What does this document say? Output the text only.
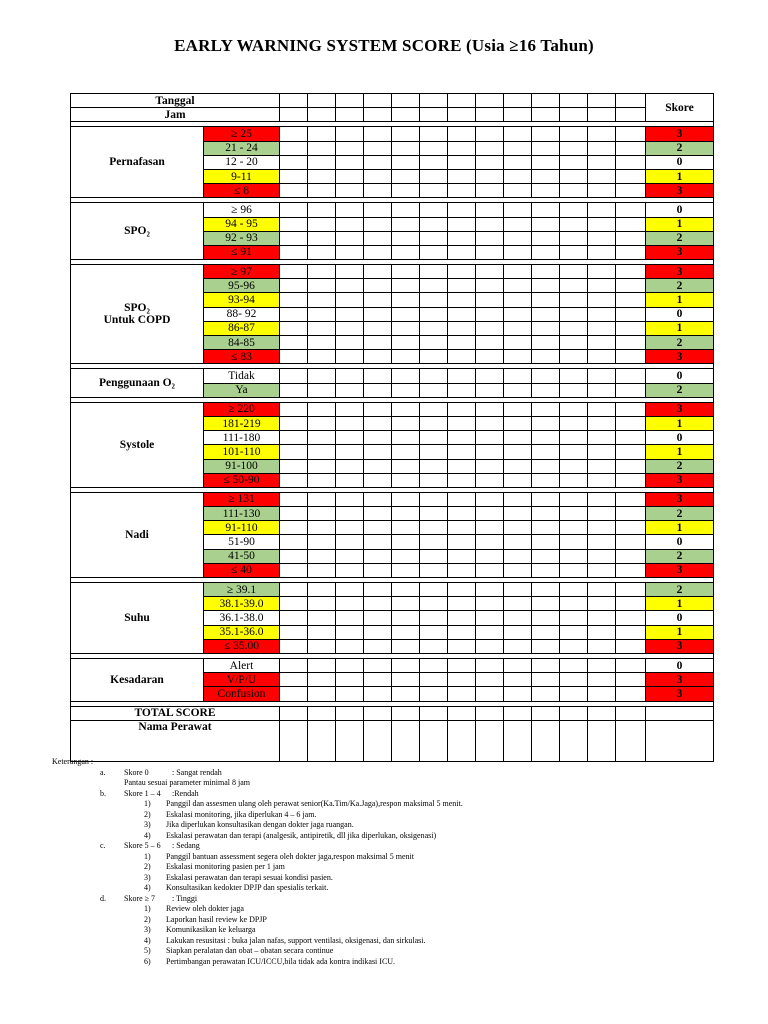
EARLY WARNING SYSTEM SCORE (Usia ≥16 Tahun)
Tanggal															Skore
Jam															

Pernafasan	≥ 25														3
	21 - 24														2
	12 - 20														0
	9-11														1
	≤ 8														3

SPO₂	≥ 96														0
	94 - 95														1
	92 - 93														2
	≤ 91														3

SPO₂
Untuk COPD	≥ 97														3
	95-96														2
	93-94														1
	88- 92														0
	86-87														1
	84-85														2
	≤ 83														3

Penggunaan O₂	Tidak														0
	Ya														2

Systole	≥ 220														3
	181-219														1
	111-180														0
	101-110														1
	91-100														2
	≤ 50-90														3

Nadi	≥ 131														3
	111-130														2
	91-110														1
	51-90														0
	41-50														2
	≤ 40														3

Suhu	≥ 39.1														2
	38.1-39.0														1
	36.1-38.0														0
	35.1-36.0														1
	≤ 35.00														3

Kesadaran	Alert														0
	V/P/U														3
	Confusion														3

TOTAL SCORE															
Nama Perawat															
Keterangan :
a. Skore 0	: Sangat rendah
Pantau sesuai parameter minimal 8 jam
b. Skore 1 – 4 :Rendah
1) Panggil dan assesmen ulang oleh perawat senior(Ka.Tim/Ka.Jaga),respon maksimal 5 menit.
2) Eskalasi monitoring, jika diperlukan 4 – 6 jam.
3) Jika diperlukan konsultasikan dengan dokter jaga ruangan.
4) Eskalasi perawatan dan terapi (analgesik, antipiretik, dll jika diperlukan, oksigenasi)
c. Skore 5 – 6 : Sedang
1) Panggil bantuan assessment segera oleh dokter jaga,respon maksimal 5 menit
2) Eskalasi monitoring pasien per 1 jam
3) Eskalasi perawatan dan terapi sesuai kondisi pasien.
4) Konsultasikan kedokter DPJP dan spesialis terkait.
d. Skore ≥ 7 : Tinggi
1) Review oleh dokter jaga
2) Laporkan hasil review ke DPJP
3) Komunikasikan ke keluarga
4) Lakukan resusitasi : buka jalan nafas, support ventilasi, oksigenasi, dan sirkulasi.
5) Siapkan peralatan dan obat – obatan secara continue
6) Pertimbangan perawatan ICU/ICCU,bila tidak ada kontra indikasi ICU.
